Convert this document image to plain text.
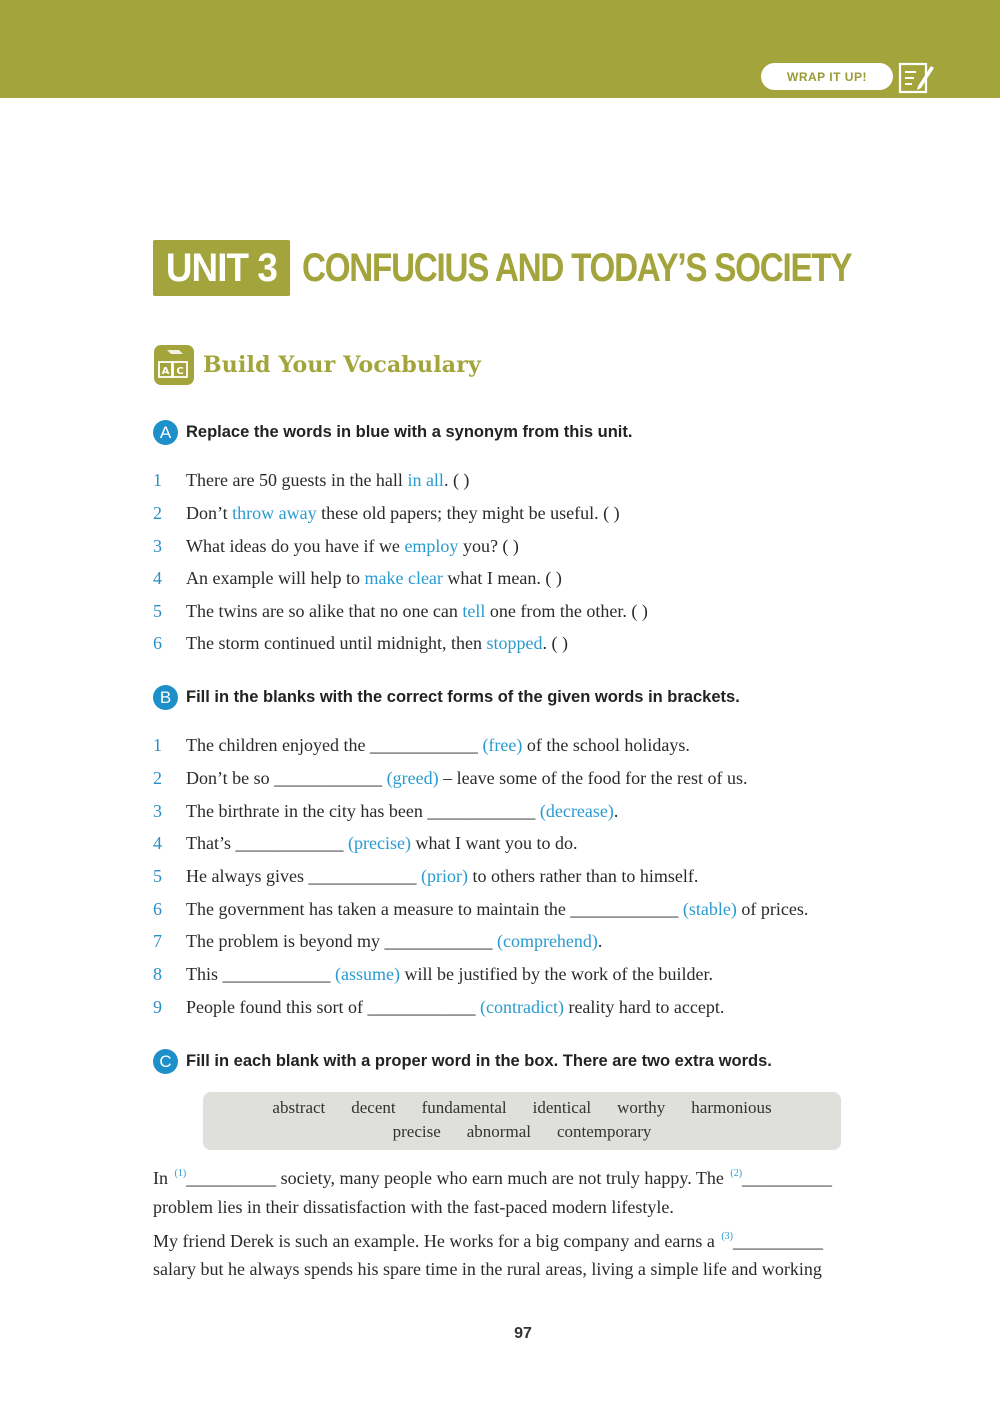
WRAP IT UP!
UNIT 3 CONFUCIUS AND TODAY’S SOCIETY
A C
B Build Your Vocabulary
A Replace the words in blue with a synonym from this unit.
1	There are 50 guests in the hall in all. ( )
2	Don’t throw away these old papers; they might be useful. ( )
3	What ideas do you have if we employ you? ( )
4	An example will help to make clear what I mean. ( )
5	The twins are so alike that no one can tell one from the other. ( )
6	The storm continued until midnight, then stopped. ( )
B Fill in the blanks with the correct forms of the given words in brackets.
1	The children enjoyed the ____________ (free) of the school holidays.
2	Don’t be so ____________ (greed) – leave some of the food for the rest of us.
3	The birthrate in the city has been ____________ (decrease).
4	That’s ____________ (precise) what I want you to do.
5	He always gives ____________ (prior) to others rather than to himself.
6	The government has taken a measure to maintain the ____________ (stable) of prices.
7	The problem is beyond my ____________ (comprehend).
8	This ____________ (assume) will be justified by the work of the builder.
9	People found this sort of ____________ (contradict) reality hard to accept.
C Fill in each blank with a proper word in the box. There are two extra words.
abstract decent fundamental identical worthy harmonious
precise abnormal contemporary
In $^{(1)}$__________ society, many people who earn much are not truly happy. The $^{(2)}$__________
problem lies in their dissatisfaction with the fast-paced modern lifestyle.
My friend Derek is such an example. He works for a big company and earns a $^{(3)}$__________
salary but he always spends his spare time in the rural areas, living a simple life and working
97
